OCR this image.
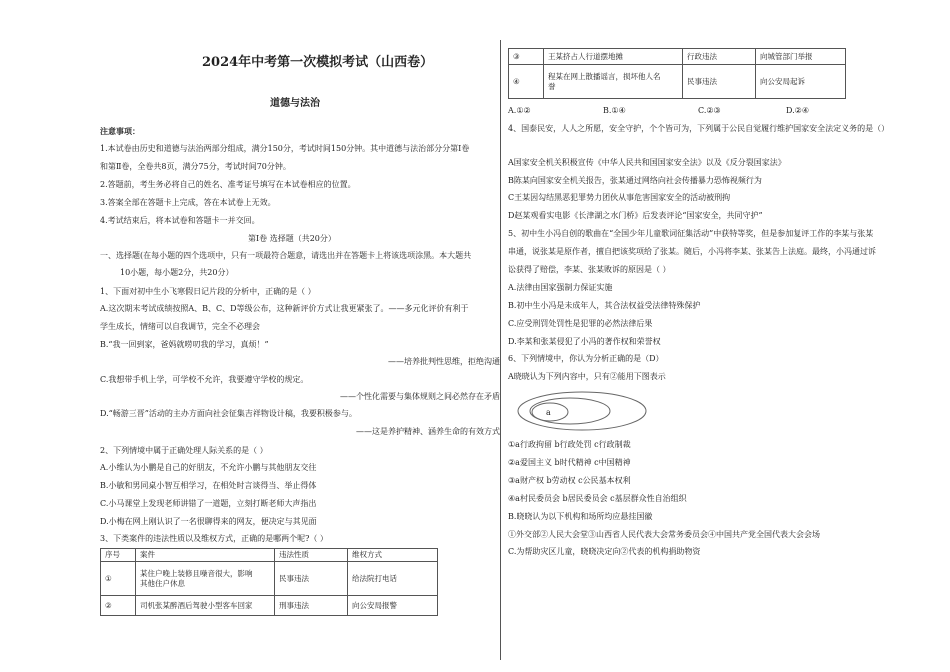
2024年中考第一次模拟考试（山西卷）
道德与法治
注意事项：
1.本试卷由历史和道德与法治两部分组成，满分150分，考试时间150分钟。其中道德与法治部分分第Ⅰ卷
和第Ⅱ卷，全卷共8页，满分75分，考试时间70分钟。
2.答题前，考生务必将自己的姓名、准考证号填写在本试卷相应的位置。
3.答案全部在答题卡上完成，答在本试卷上无效。
4.考试结束后，将本试卷和答题卡一并交回。
第Ⅰ卷 选择题（共20分）
一、选择题(在每小题的四个选项中，只有一项最符合题意，请选出并在答题卡上将该选项涂黑。本大题共
10小题，每小题2分，共20分）
1、下面对初中生小飞寒假日记片段的分析中，正确的是（ ）
A.这次期末考试成绩按照A、B、C、D等级公布，这种新评价方式让我更紧张了。——多元化评价有利于
学生成长，情绪可以自我调节，完全不必理会
B.“我一回到家，爸妈就唠叨我的学习，真烦！”
——培养批判性思维，拒绝沟通
C.我想带手机上学，可学校不允许，我要遵守学校的规定。
——个性化需要与集体规则之间必然存在矛盾
D.“畅游三晋”活动的主办方面向社会征集吉祥物设计稿，我要积极参与。
——这是养护精神、涵养生命的有效方式
2、下列情境中属于正确处理人际关系的是（ ）
A.小维认为小鹏是自己的好朋友，不允许小鹏与其他朋友交往
B.小敏和男同桌小智互相学习，在相处时言谈得当、举止得体
C.小马课堂上发现老师讲错了一道题，立刻打断老师大声指出
D.小梅在网上刚认识了一名很聊得来的网友，便决定与其见面
3、下类案件的违法性质以及维权方式，正确的是哪两个呢?（ ）
序号	案件	违法性质	维权方式
①	某住户晚上装修且噪音很大，影响
其他住户休息	民事违法	给法院打电话
②	司机张某醉酒后驾驶小型客车回家	刑事违法	向公安局报警
③	王某挤占人行道摆地摊	行政违法	向城管部门举报
④	程某在网上散播谣言，损坏他人名
誉	民事违法	向公安局起诉
A.①②	B.①④	C.②③	D.②④
4、国泰民安，人人之所愿，安全守护，个个皆可为，下列属于公民自觉履行维护国家安全法定义务的是（）
A国家安全机关积极宣传《中华人民共和国国家安全法》以及《反分裂国家法》
B陈某向国家安全机关报告，张某通过网络向社会传播暴力恐怖视频行为
C王某因勾结黑恶犯罪势力团伙从事危害国家安全的活动被刑拘
D赵某观看实电影《长津湖之水门桥》后发表评论“国家安全，共同守护”
5、初中生小冯自创的歌曲在“全国少年儿童歌词征集活动”中获特等奖，但是参加复评工作的李某与张某
串通，说张某是原作者，擅自把该奖项给了张某。随后，小冯将李某、张某告上法庭。最终，小冯通过诉
讼获得了赔偿，李某、张某败诉的原因是（ ）
A.法律由国家强制力保证实施
B.初中生小冯是未成年人，其合法权益受法律特殊保护
C.应受刑罚处罚性是犯罪的必然法律后果
D.李某和张某侵犯了小冯的著作权和荣誉权
6、下列情境中，你认为分析正确的是（D）
A晓晓认为下列内容中，只有②能用下图表示
a
①a行政拘留 b行政处罚 c行政制裁
②a爱国主义 b时代精神 c中国精神
③a财产权 b劳动权 c公民基本权利
④a村民委员会 b居民委员会 c基层群众性自治组织
B.晓晓认为以下机构和场所均应悬挂国徽
①外交部②人民大会堂③山西省人民代表大会常务委员会④中国共产党全国代表大会会场
C.为帮助灾区儿童，晓晓决定向②代表的机构捐助物资
